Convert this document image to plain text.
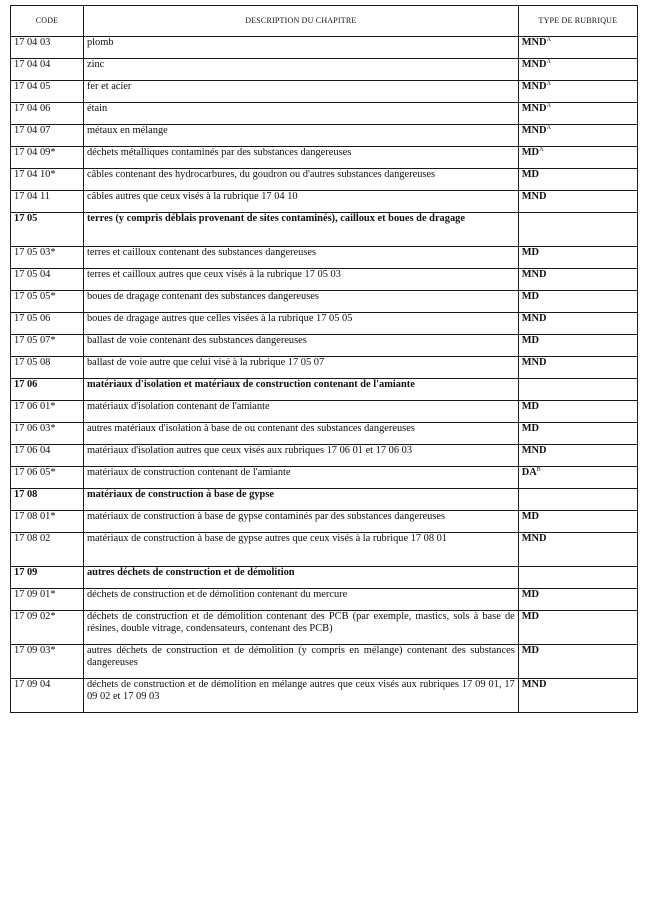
CODE	DESCRIPTION DU CHAPITRE	TYPE DE RUBRIQUE
17 04 03	plomb	$MND^A$
17 04 04	zinc	$MND^A$
17 04 05	fer et acier	$MND^A$
17 04 06	étain	$MND^A$
17 04 07	métaux en mélange	$MND^A$
17 04 09*	déchets métalliques contaminés par des substances dangereuses	$MD^A$
17 04 10*	câbles contenant des hydrocarbures, du goudron ou d'autres substances dangereuses	MD
17 04 11	câbles autres que ceux visés à la rubrique 17 04 10	MND
17 05	terres (y compris déblais provenant de sites contaminés), cailloux et boues de dragage	
17 05 03*	terres et cailloux contenant des substances dangereuses	MD
17 05 04	terres et cailloux autres que ceux visés à la rubrique 17 05 03	MND
17 05 05*	boues de dragage contenant des substances dangereuses	MD
17 05 06	boues de dragage autres que celles visées à la rubrique 17 05 05	MND
17 05 07*	ballast de voie contenant des substances dangereuses	MD
17 05 08	ballast de voie autre que celui visé à la rubrique 17 05 07	MND
17 06	matériaux d'isolation et matériaux de construction contenant de l'amiante	
17 06 01*	matériaux d'isolation contenant de l'amiante	MD
17 06 03*	autres matériaux d'isolation à base de ou contenant des substances dangereuses	MD
17 06 04	matériaux d'isolation autres que ceux visés aux rubriques 17 06 01 et 17 06 03	MND
17 06 05*	matériaux de construction contenant de l'amiante	$DA^B$
17 08	matériaux de construction à base de gypse	
17 08 01*	matériaux de construction à base de gypse contaminés par des substances dangereuses	MD
17 08 02	matériaux de construction à base de gypse autres que ceux visés à la rubrique 17 08 01	MND
17 09	autres déchets de construction et de démolition	
17 09 01*	déchets de construction et de démolition contenant du mercure	MD
17 09 02*	déchets de construction et de démolition contenant des PCB (par exemple, mastics, sols à base de résines, double vitrage, condensateurs, contenant des PCB)	MD
17 09 03*	autres déchets de construction et de démolition (y compris en mélange) contenant des substances dangereuses	MD
17 09 04	déchets de construction et de démolition en mélange autres que ceux visés aux rubriques 17 09 01, 17 09 02 et 17 09 03	MND
